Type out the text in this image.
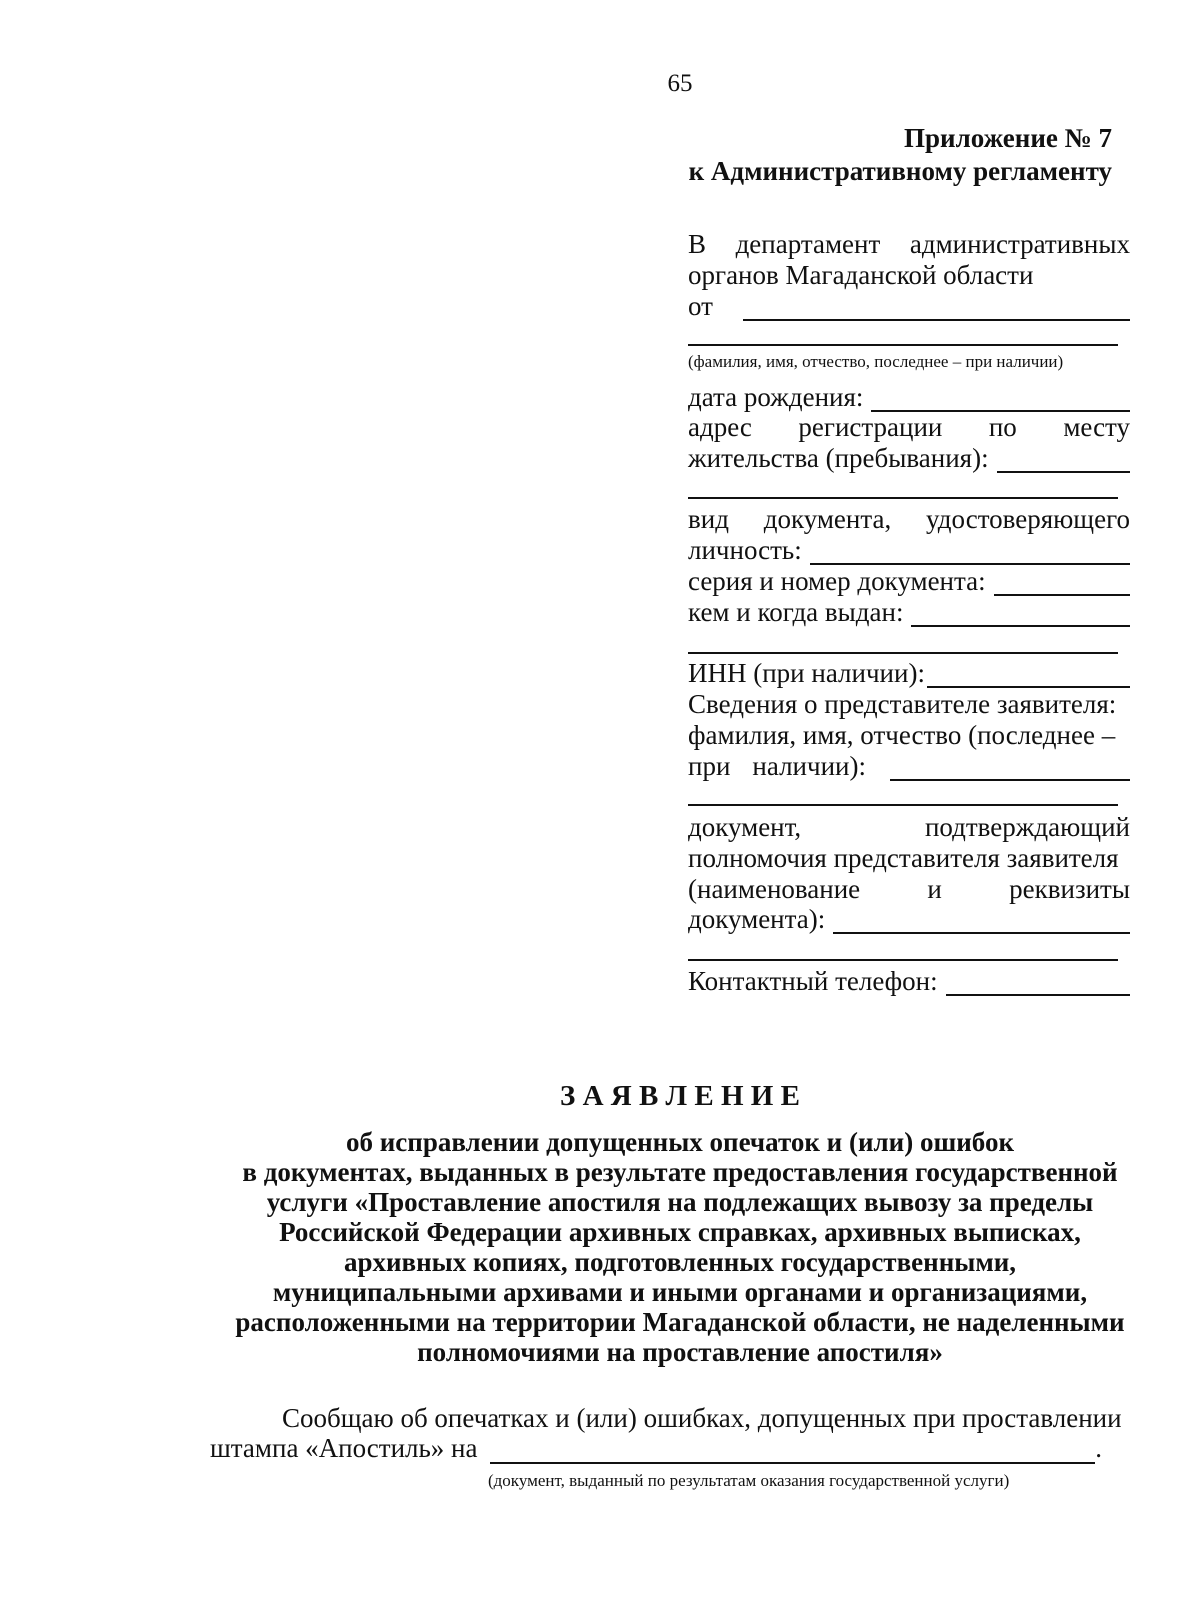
65
Приложение № 7
к Административному регламенту
В департамент административных
органов Магаданской области
от
(фамилия, имя, отчество, последнее – при наличии)
дата рождения:
адрес регистрации по месту
жительства (пребывания):
вид документа, удостоверяющего
личность:
серия и номер документа:
кем и когда выдан:
ИНН (при наличии):
Сведения о представителе заявителя:
фамилия, имя, отчество (последнее –
при наличии):
документ,	подтверждающий
полномочия представителя заявителя
(наименование и реквизиты
документа):
Контактный телефон:
З А Я В Л Е Н И Е
об исправлении допущенных опечаток и (или) ошибок
в документах, выданных в результате предоставления государственной
услуги «Проставление апостиля на подлежащих вывозу за пределы
Российской Федерации архивных справках, архивных выписках,
архивных копиях, подготовленных государственными,
муниципальными архивами и иными органами и организациями,
расположенными на территории Магаданской области, не наделенными
полномочиями на проставление апостиля»
Сообщаю об опечатках и (или) ошибках, допущенных при проставлении
штампа «Апостиль» на	.
(документ, выданный по результатам оказания государственной услуги)
